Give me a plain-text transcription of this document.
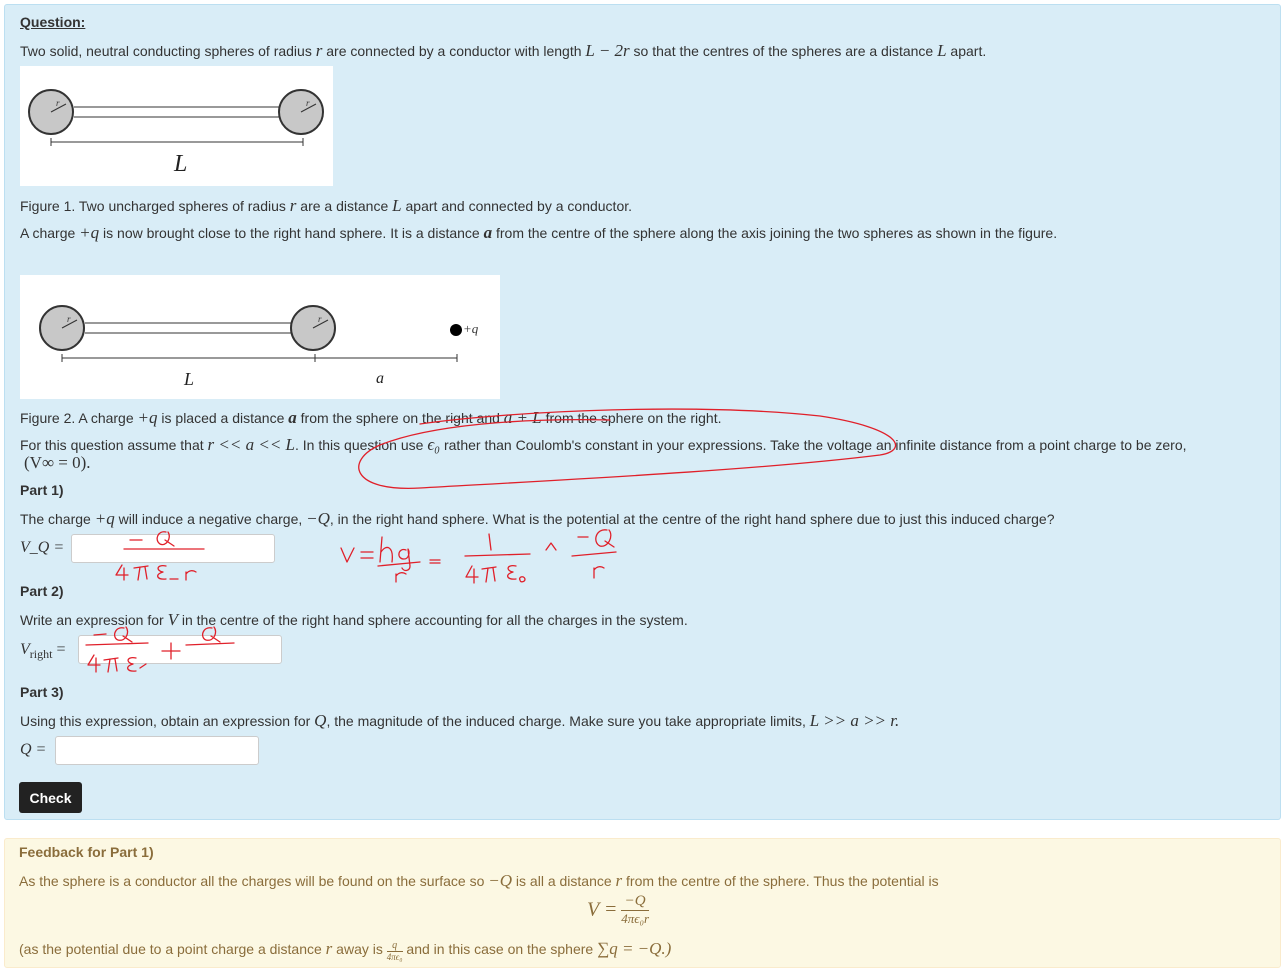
Question:
Two solid, neutral conducting spheres of radius r are connected by a conductor with length L − 2r so that the centres of the spheres are a distance L apart.
r	r
L
Figure 1. Two uncharged spheres of radius r are a distance L apart and connected by a conductor.
A charge +q is now brought close to the right hand sphere. It is a distance a from the centre of the sphere along the axis joining the two spheres as shown in the figure.
r	r
+q
L	a
Figure 2. A charge +q is placed a distance a from the sphere on the right and a + L from the sphere on the right.
For this question assume that r << a << L. In this question use ϵ₀ rather than Coulomb's constant in your expressions. Take the voltage an infinite distance from a point charge to be zero,
(V∞ = 0).
Part 1)
The charge +q will induce a negative charge, −Q, in the right hand sphere. What is the potential at the centre of the right hand sphere due to just this induced charge?
V_Q =
Part 2)
Write an expression for V in the centre of the right hand sphere accounting for all the charges in the system.
$V_{right}$ =
Part 3)
Using this expression, obtain an expression for Q, the magnitude of the induced charge. Make sure you take appropriate limits, L >> a >> r.
Q =
Check
Feedback for Part 1)
As the sphere is a conductor all the charges will be found on the surface so −Q is all a distance r from the centre of the sphere. Thus the potential is
$V = \frac{-Q}{\text{4πϵ₀r}}$
(as the potential due to a point charge a distance r away is $\frac{q}{\text{4πϵ₀}}$ and in this case on the sphere ∑q = −Q.)
